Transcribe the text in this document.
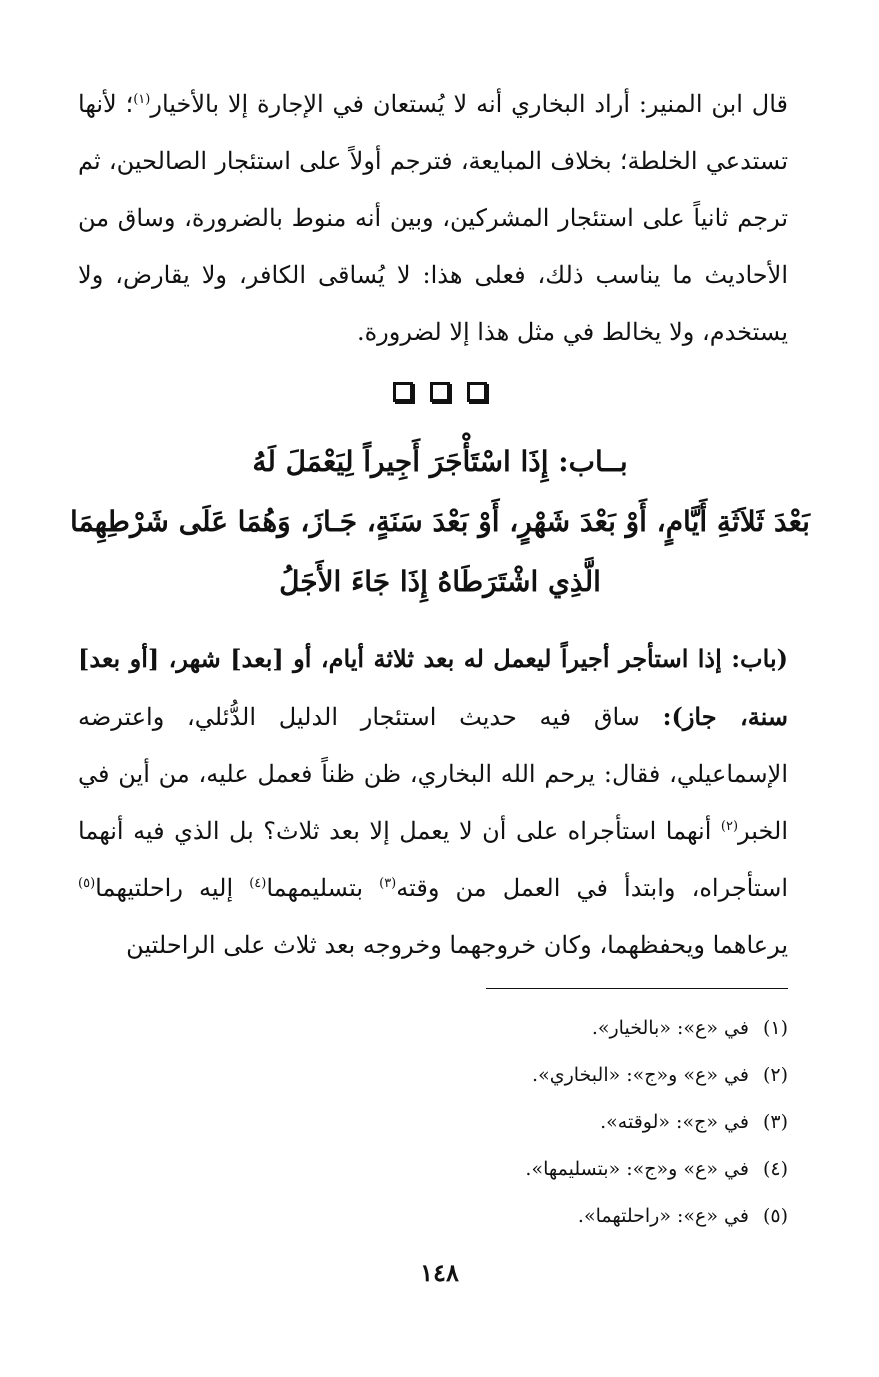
قال ابن المنير: أراد البخاري أنه لا يُستعان في الإجارة إلا بالأخيار$^{(١)}$؛ لأنها تستدعي الخلطة؛ بخلاف المبايعة، فترجم أولاً على استئجار الصالحين، ثم ترجم ثانياً على استئجار المشركين، وبين أنه منوط بالضرورة، وساق من الأحاديث ما يناسب ذلك، فعلى هذا: لا يُساقى الكافر، ولا يقارض، ولا يستخدم، ولا يخالط في مثل هذا إلا لضرورة.

بــاب: إِذَا اسْتَأْجَرَ أَجِيراً لِيَعْمَلَ لَهُ
بَعْدَ ثَلاَثَةِ أَيَّامٍ، أَوْ بَعْدَ شَهْرٍ، أَوْ بَعْدَ سَنَةٍ، جَـازَ، وَهُمَا عَلَى شَرْطِهِمَا
الَّذِي اشْتَرَطَاهُ إِذَا جَاءَ الأَجَلُ

(باب: إذا استأجر أجيراً ليعمل له بعد ثلاثة أيام، أو [بعد] شهر، [أو بعد] سنة، جاز): ساق فيه حديث استئجار الدليل الدُّئلي، واعترضه الإسماعيلي، فقال: يرحم الله البخاري، ظن ظناً فعمل عليه، من أين في الخبر$^{(٢)}$ أنهما استأجراه على أن لا يعمل إلا بعد ثلاث؟ بل الذي فيه أنهما استأجراه، وابتدأ في العمل من وقته$^{(٣)}$ بتسليمهما$^{(٤)}$ إليه راحلتيهما$^{(٥)}$ يرعاهما ويحفظهما، وكان خروجهما وخروجه بعد ثلاث على الراحلتين

(١)في «ع»: «بالخيار».
(٢)في «ع» و«ج»: «البخاري».
(٣)في «ج»: «لوقته».
(٤)في «ع» و«ج»: «بتسليمها».
(٥)في «ع»: «راحلتهما».
١٤٨
